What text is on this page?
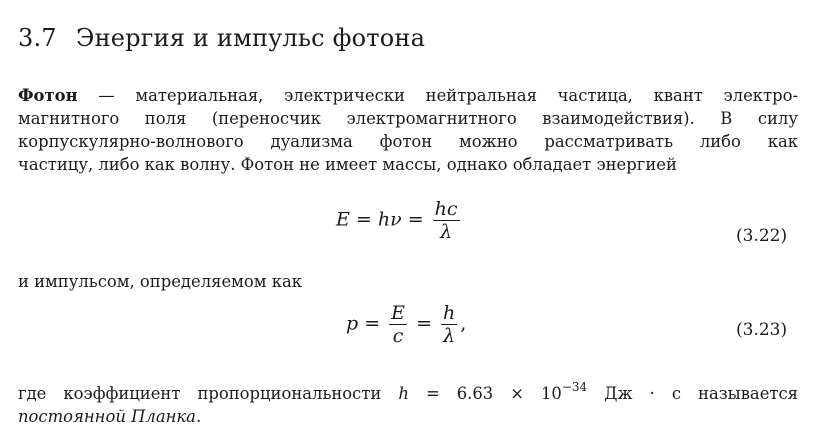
3.7 Энергия и импульс фотона
Фотон — материальная, электрически нейтральная частица, квант электро-
магнитного поля (переносчик электромагнитного взаимодействия). В силу
корпускулярно-волнового дуализма фотон можно рассматривать либо как
частицу, либо как волну. Фотон не имеет массы, однако обладает энергией
$E = h\nu = \frac{hc}{\lambda}$	(3.22)
и импульсом, определяемом как
$p = \frac{E}{c} = \frac{h}{\lambda}$ ,	(3.23)
где коэффициент пропорциональности $h = 6.63 \times 10^{-34}$ Дж · с называется
постоянной Планка.
